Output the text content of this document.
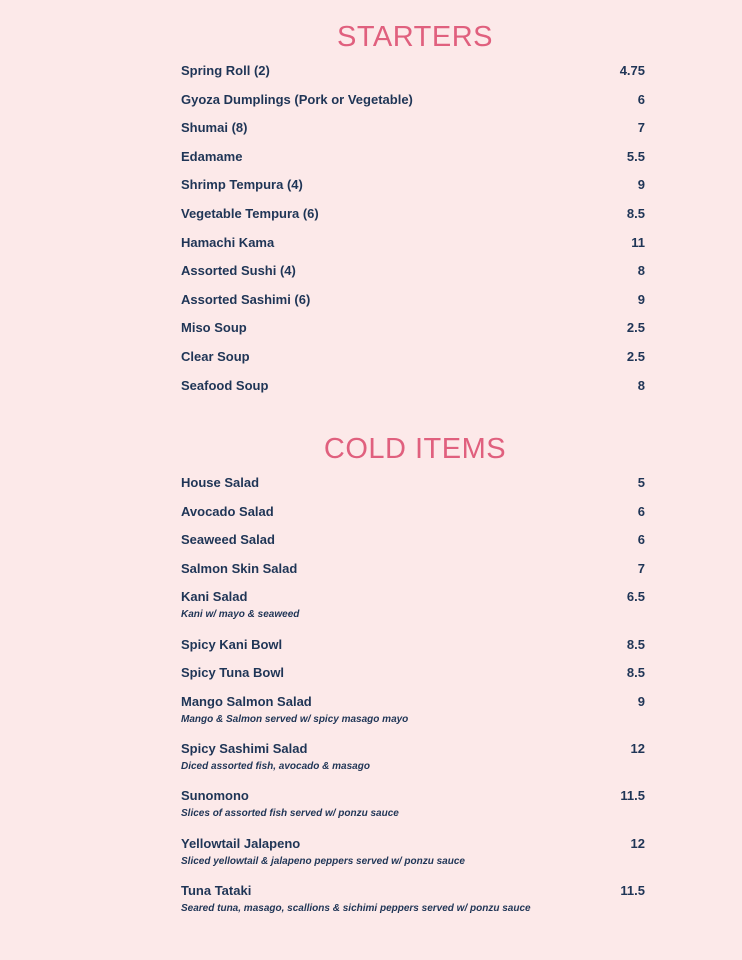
STARTERS
Spring Roll (2)	4.75
Gyoza Dumplings (Pork or Vegetable)	6
Shumai (8)	7
Edamame	5.5
Shrimp Tempura (4)	9
Vegetable Tempura (6)	8.5
Hamachi Kama	11
Assorted Sushi (4)	8
Assorted Sashimi (6)	9
Miso Soup	2.5
Clear Soup	2.5
Seafood Soup	8
COLD ITEMS
House Salad	5
Avocado Salad	6
Seaweed Salad	6
Salmon Skin Salad	7
Kani Salad	6.5
Kani w/ mayo & seaweed
Spicy Kani Bowl	8.5
Spicy Tuna Bowl	8.5
Mango Salmon Salad	9
Mango & Salmon served w/ spicy masago mayo
Spicy Sashimi Salad	12
Diced assorted fish, avocado & masago
Sunomono	11.5
Slices of assorted fish served w/ ponzu sauce
Yellowtail Jalapeno	12
Sliced yellowtail & jalapeno peppers served w/ ponzu sauce
Tuna Tataki	11.5
Seared tuna, masago, scallions & sichimi peppers served w/ ponzu sauce
